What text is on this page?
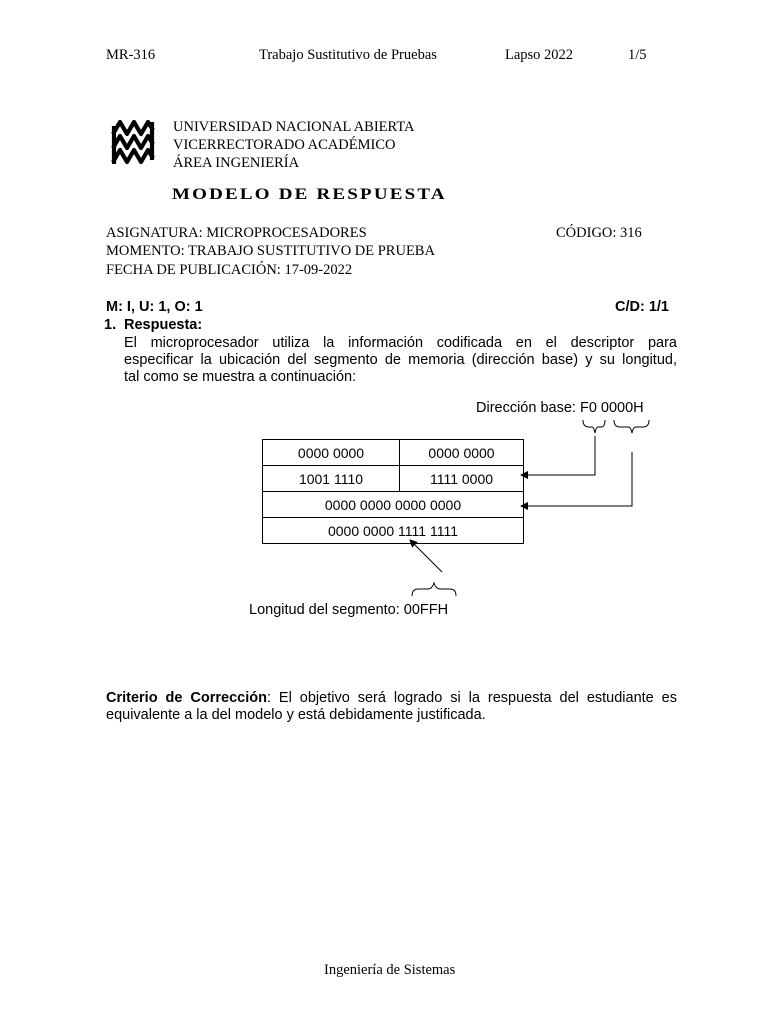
MR-316	Trabajo Sustitutivo de Pruebas	Lapso 2022	1/5
UNIVERSIDAD NACIONAL ABIERTA
VICERRECTORADO ACADÉMICO
ÁREA INGENIERÍA
MODELO DE RESPUESTA
ASIGNATURA: MICROPROCESADORES	CÓDIGO: 316
MOMENTO: TRABAJO SUSTITUTIVO DE PRUEBA
FECHA DE PUBLICACIÓN: 17-09-2022
M: I, U: 1, O: 1	C/D: 1/1
1. Respuesta:
El microprocesador utiliza la información codificada en el descriptor para
especificar la ubicación del segmento de memoria (dirección base) y su longitud,
tal como se muestra a continuación:
Dirección base: F0 0000H
0000 0000	0000 0000
1001 1110	1111 0000
0000 0000 0000 0000	
0000 0000 1111 1111	
Longitud del segmento: 00FFH
Criterio de Corrección: El objetivo será logrado si la respuesta del estudiante es
equivalente a la del modelo y está debidamente justificada.
Ingeniería de Sistemas
